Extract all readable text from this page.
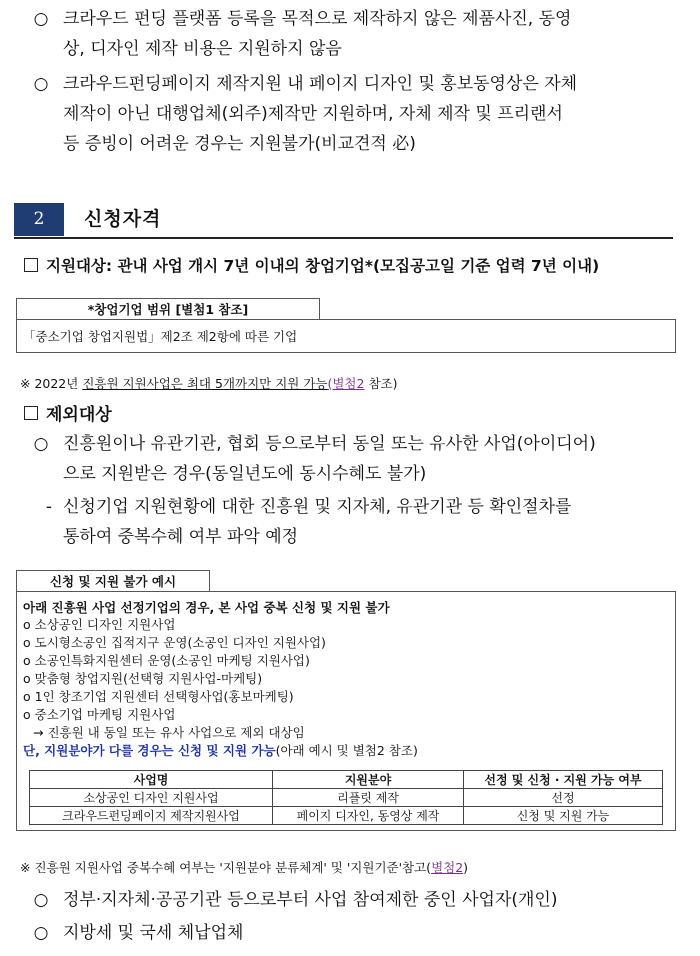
○ 크라우드 펀딩 플랫폼 등록을 목적으로 제작하지 않은 제품사진, 동영
상, 디자인 제작 비용은 지원하지 않음
○ 크라우드펀딩페이지 제작지원 내 페이지 디자인 및 홍보동영상은 자체
제작이 아닌 대행업체(외주)제작만 지원하며, 자체 제작 및 프리랜서
등 증빙이 어려운 경우는 지원불가(비교견적 必)
2	신청자격
지원대상: 관내 사업 개시 7년 이내의 창업기업*(모집공고일 기준 업력 7년 이내)
*창업기업 범위 [별첨1 참조]
「중소기업 창업지원법」제2조 제2항에 따른 기업
※ 2022년 진흥원 지원사업은 최대 5개까지만 지원 가능(별첨2 참조)
제외대상
○ 진흥원이나 유관기관, 협회 등으로부터 동일 또는 유사한 사업(아이디어)
으로 지원받은 경우(동일년도에 동시수혜도 불가)
- 신청기업 지원현황에 대한 진흥원 및 지자체, 유관기관 등 확인절차를
통하여 중복수혜 여부 파악 예정
신청 및 지원 불가 예시
아래 진흥원 사업 선정기업의 경우, 본 사업 중복 신청 및 지원 불가
o 소상공인 디자인 지원사업
o 도시형소공인 집적지구 운영(소공인 디자인 지원사업)
o 소공인특화지원센터 운영(소공인 마케팅 지원사업)
o 맞춤형 창업지원(선택형 지원사업-마케팅)
o 1인 창조기업 지원센터 선택형사업(홍보마케팅)
o 중소기업 마케팅 지원사업
→ 진흥원 내 동일 또는 유사 사업으로 제외 대상임
단, 지원분야가 다를 경우는 신청 및 지원 가능(아래 예시 및 별첨2 참조)
사업명	지원분야	선정 및 신청 · 지원 가능 여부
소상공인 디자인 지원사업	리플릿 제작	선정
크라우드펀딩페이지 제작지원사업	페이지 디자인, 동영상 제작	신청 및 지원 가능
※ 진흥원 지원사업 중복수혜 여부는 '지원분야 분류체계' 및 '지원기준'참고(별첨2)
○ 정부·지자체·공공기관 등으로부터 사업 참여제한 중인 사업자(개인)
○ 지방세 및 국세 체납업체
